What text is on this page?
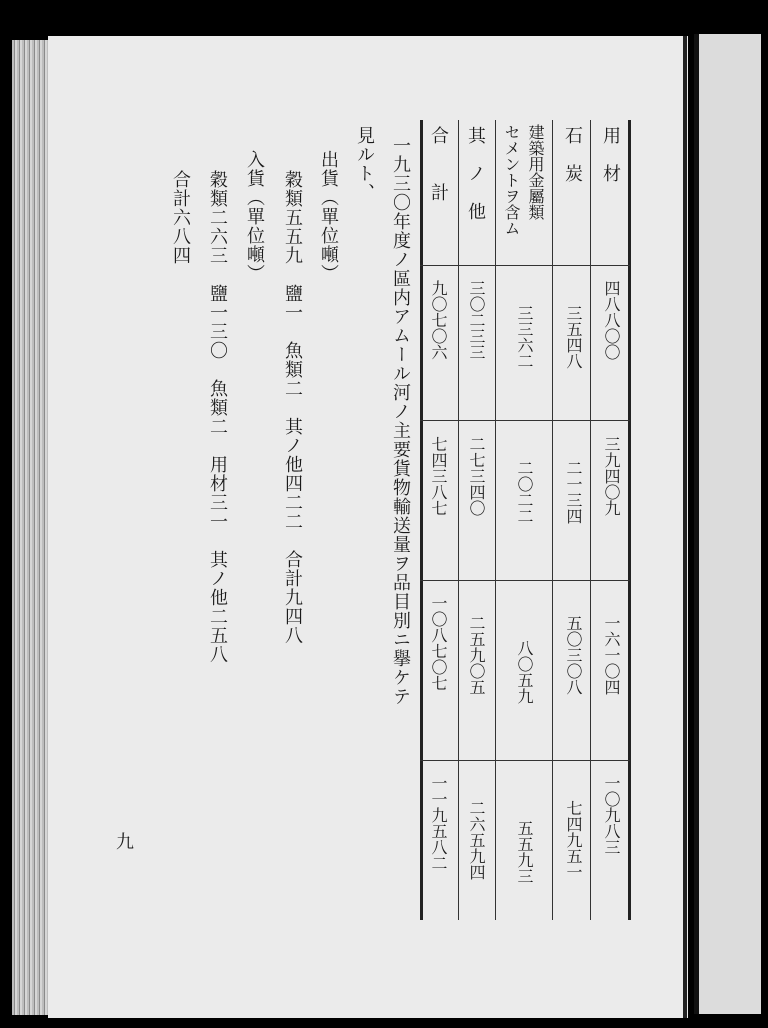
用　材
石　炭
建築用金屬類
セメントヲ含ム
其　ノ　他
合　　計
四八八〇〇
三九四〇九
一六一〇四
一〇九八三
三五四八
二一三四
五〇三〇八
七四九五一
三三六二
二〇二二
八〇五九
五五九三
三〇二三三
二七三四〇
二五九〇五
二六五九四
九〇七〇六
七四三八七
一〇八七〇七
一一九五八二
一九三〇年度ノ區内アムール河ノ主要貨物輸送量ヲ品目別ニ擧ケテ
見ルト、
出貨（單位噸）
穀類五五九　鹽一　魚類二　其ノ他四二二　合計九四八
入貨（單位噸）
穀類二六三　鹽一三〇　魚類二　用材三一　其ノ他二五八
合計六八四
九
